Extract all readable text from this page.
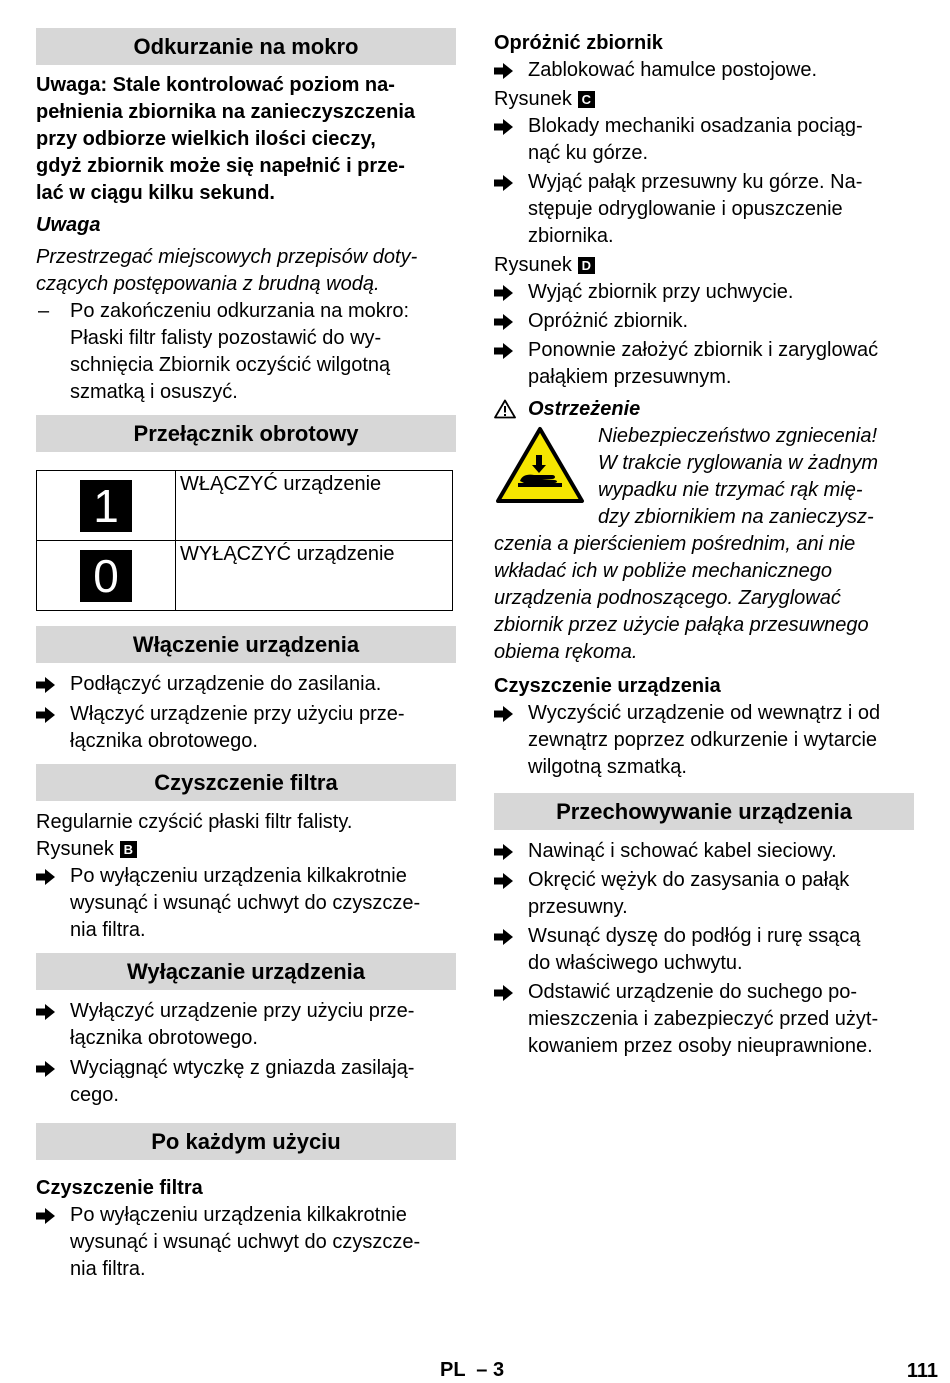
Odkurzanie na mokro
Uwaga: Stale kontrolować poziom na-
pełnienia zbiornika na zanieczyszczenia
przy odbiorze wielkich ilości cieczy,
gdyż zbiornik może się napełnić i prze-
lać w ciągu kilku sekund.
Uwaga
Przestrzegać miejscowych przepisów doty-
czących postępowania z brudną wodą.
– Po zakończeniu odkurzania na mokro:
Płaski filtr falisty pozostawić do wy-
schnięcia Zbiornik oczyścić wilgotną
szmatką i osuszyć.
Przełącznik obrotowy
1	WŁĄCZYĆ urządzenie
0	WYŁĄCZYĆ urządzenie
Włączenie urządzenia
Podłączyć urządzenie do zasilania.
Włączyć urządzenie przy użyciu prze-
łącznika obrotowego.
Czyszczenie filtra
Regularnie czyścić płaski filtr falisty.
Rysunek B
Po wyłączeniu urządzenia kilkakrotnie
wysunąć i wsunąć uchwyt do czyszcze-
nia filtra.
Wyłączanie urządzenia
Wyłączyć urządzenie przy użyciu prze-
łącznika obrotowego.
Wyciągnąć wtyczkę z gniazda zasilają-
cego.
Po każdym użyciu
Czyszczenie filtra
Po wyłączeniu urządzenia kilkakrotnie
wysunąć i wsunąć uchwyt do czyszcze-
nia filtra.
Opróżnić zbiornik
Zablokować hamulce postojowe.
Rysunek C
Blokady mechaniki osadzania pociąg-
nąć ku górze.
Wyjąć pałąk przesuwny ku górze. Na-
stępuje odryglowanie i opuszczenie
zbiornika.
Rysunek D
Wyjąć zbiornik przy uchwycie.
Opróżnić zbiornik.
Ponownie założyć zbiornik i zaryglować
pałąkiem przesuwnym.
Ostrzeżenie
Niebezpieczeństwo zgniecenia!
W trakcie ryglowania w żadnym
wypadku nie trzymać rąk mię-
dzy zbiornikiem na zanieczysz-
czenia a pierścieniem pośrednim, ani nie
wkładać ich w pobliże mechanicznego
urządzenia podnoszącego. Zaryglować
zbiornik przez użycie pałąka przesuwnego
obiema rękoma.
Czyszczenie urządzenia
Wyczyścić urządzenie od wewnątrz i od
zewnątrz poprzez odkurzenie i wytarcie
wilgotną szmatką.
Przechowywanie urządzenia
Nawinąć i schować kabel sieciowy.
Okręcić wężyk do zasysania o pałąk
przesuwny.
Wsunąć dyszę do podłóg i rurę ssącą
do właściwego uchwytu.
Odstawić urządzenie do suchego po-
mieszczenia i zabezpieczyć przed użyt-
kowaniem przez osoby nieuprawnione.
PL  – 3	111
